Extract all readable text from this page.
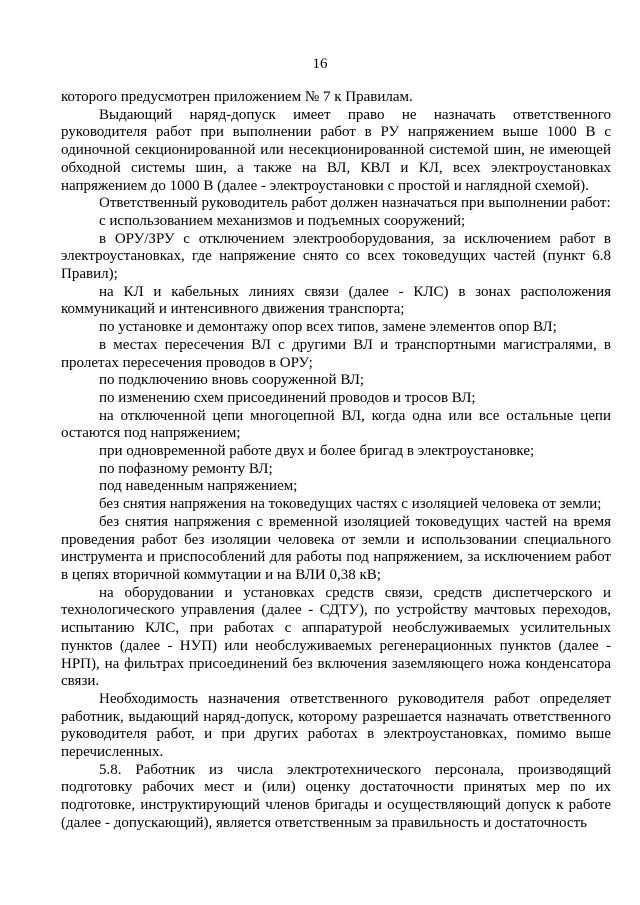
16

которого предусмотрен приложением № 7 к Правилам.

Выдающий наряд-допуск имеет право не назначать ответственного руководителя работ при выполнении работ в РУ напряжением выше 1000 В с одиночной секционированной или несекционированной системой шин, не имеющей обходной системы шин, а также на ВЛ, КВЛ и КЛ, всех электроустановках напряжением до 1000 В (далее - электроустановки с простой и наглядной схемой).

Ответственный руководитель работ должен назначаться при выполнении работ:

с использованием механизмов и подъемных сооружений;

в ОРУ/ЗРУ с отключением электрооборудования, за исключением работ в электроустановках, где напряжение снято со всех токоведущих частей (пункт 6.8 Правил);

на КЛ и кабельных линиях связи (далее - КЛС) в зонах расположения коммуникаций и интенсивного движения транспорта;

по установке и демонтажу опор всех типов, замене элементов опор ВЛ;

в местах пересечения ВЛ с другими ВЛ и транспортными магистралями, в пролетах пересечения проводов в ОРУ;

по подключению вновь сооруженной ВЛ;

по изменению схем присоединений проводов и тросов ВЛ;

на отключенной цепи многоцепной ВЛ, когда одна или все остальные цепи остаются под напряжением;

при одновременной работе двух и более бригад в электроустановке;

по пофазному ремонту ВЛ;

под наведенным напряжением;

без снятия напряжения на токоведущих частях с изоляцией человека от земли;

без снятия напряжения с временной изоляцией токоведущих частей на время проведения работ без изоляции человека от земли и использовании специального инструмента и приспособлений для работы под напряжением, за исключением работ в цепях вторичной коммутации и на ВЛИ 0,38 кВ;

на оборудовании и установках средств связи, средств диспетчерского и технологического управления (далее - СДТУ), по устройству мачтовых переходов, испытанию КЛС, при работах с аппаратурой необслуживаемых усилительных пунктов (далее - НУП) или необслуживаемых регенерационных пунктов (далее - НРП), на фильтрах присоединений без включения заземляющего ножа конденсатора связи.

Необходимость назначения ответственного руководителя работ определяет работник, выдающий наряд-допуск, которому разрешается назначать ответственного руководителя работ, и при других работах в электроустановках, помимо выше перечисленных.

5.8. Работник из числа электротехнического персонала, производящий подготовку рабочих мест и (или) оценку достаточности принятых мер по их подготовке, инструктирующий членов бригады и осуществляющий допуск к работе (далее - допускающий), является ответственным за правильность и достаточность
